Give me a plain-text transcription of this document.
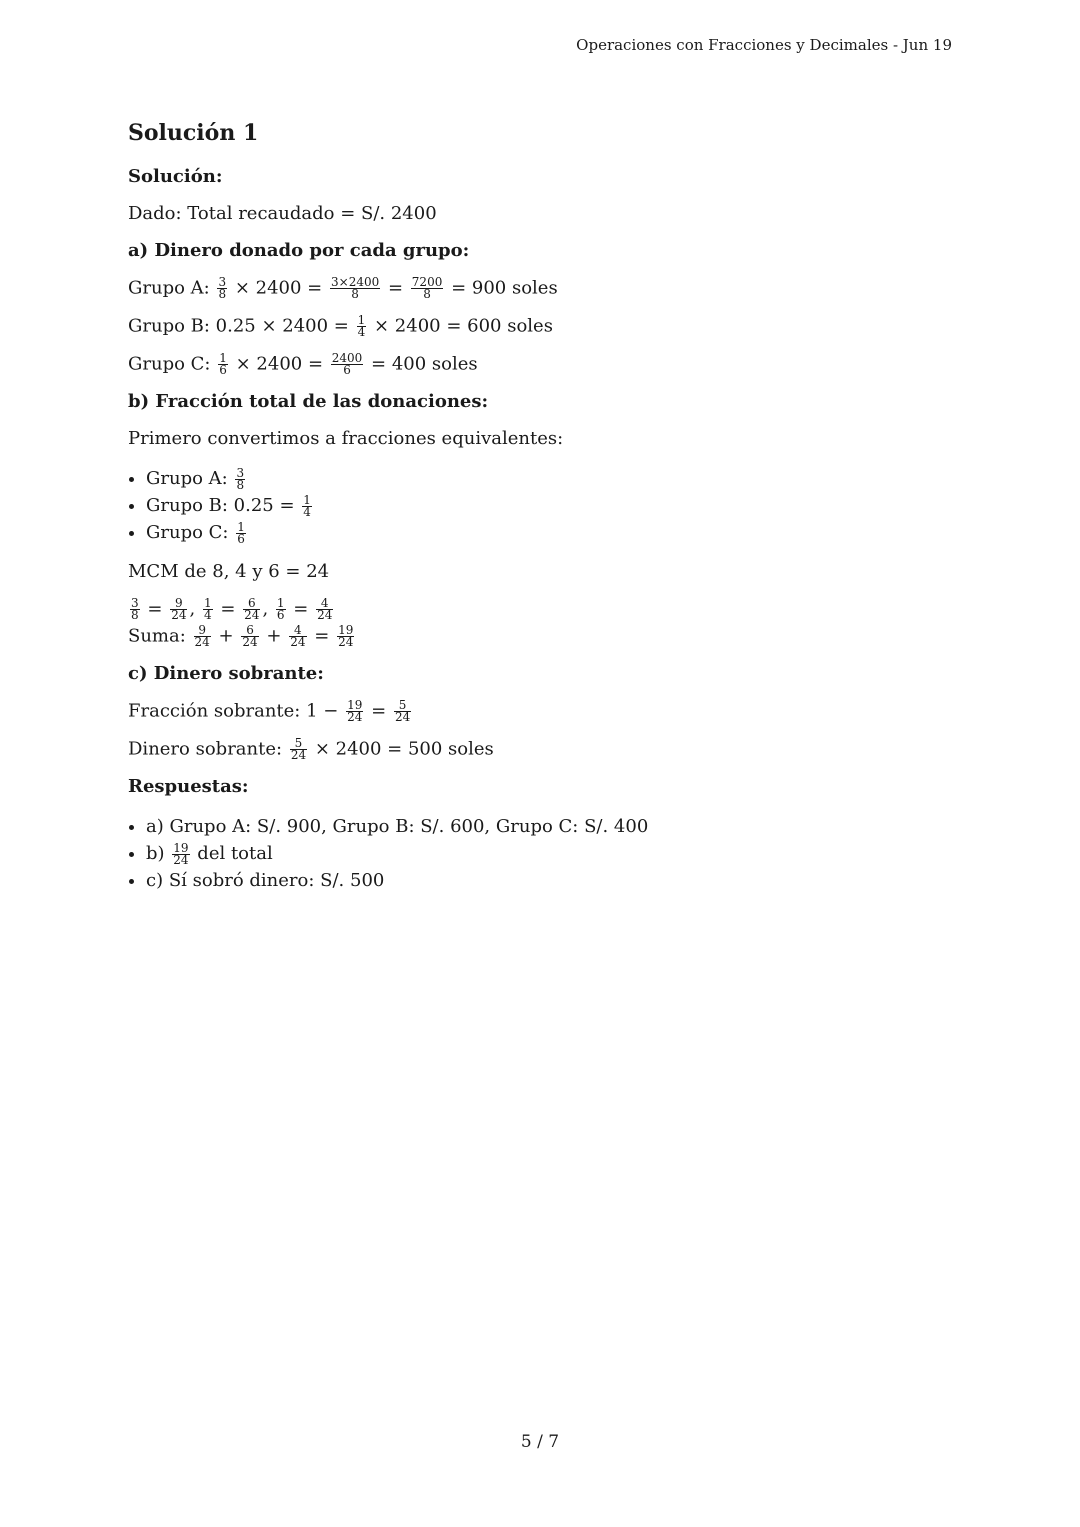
Operaciones con Fracciones y Decimales - Jun 19
Solución 1
Solución:
Dado: Total recaudado = S/. 2400
a) Dinero donado por cada grupo:
Grupo A: $\frac{3}{8} \times 2400 = \frac{3\times 2400}{8} = \frac{7200}{8} = 900$ soles
Grupo B: $0.25 \times 2400 = \frac{1}{4} \times 2400 = 600$ soles
Grupo C: $\frac{1}{6} \times 2400 = \frac{2400}{6} = 400$ soles
b) Fracción total de las donaciones:
Primero convertimos a fracciones equivalentes:
• Grupo A: $\frac{3}{8}$
• Grupo B: $0.25 = \frac{1}{4}$
• Grupo C: $\frac{1}{6}$
MCM de 8, 4 y 6 = 24
$\frac{3}{8} = \frac{9}{24}$ , $\frac{1}{4} = \frac{6}{24}$ , $\frac{1}{6} = \frac{4}{24}$
Suma: $\frac{9}{24} + \frac{6}{24} + \frac{4}{24} = \frac{19}{24}$
c) Dinero sobrante:
Fracción sobrante: $1 - \frac{19}{24} = \frac{5}{24}$
Dinero sobrante: $\frac{5}{24} \times 2400 = 500$ soles
Respuestas:
• a) Grupo A: S/. 900, Grupo B: S/. 600, Grupo C: S/. 400
• $b) \frac{19}{24}$ del total
• c) Sí sobró dinero: S/. 500
5 / 7
